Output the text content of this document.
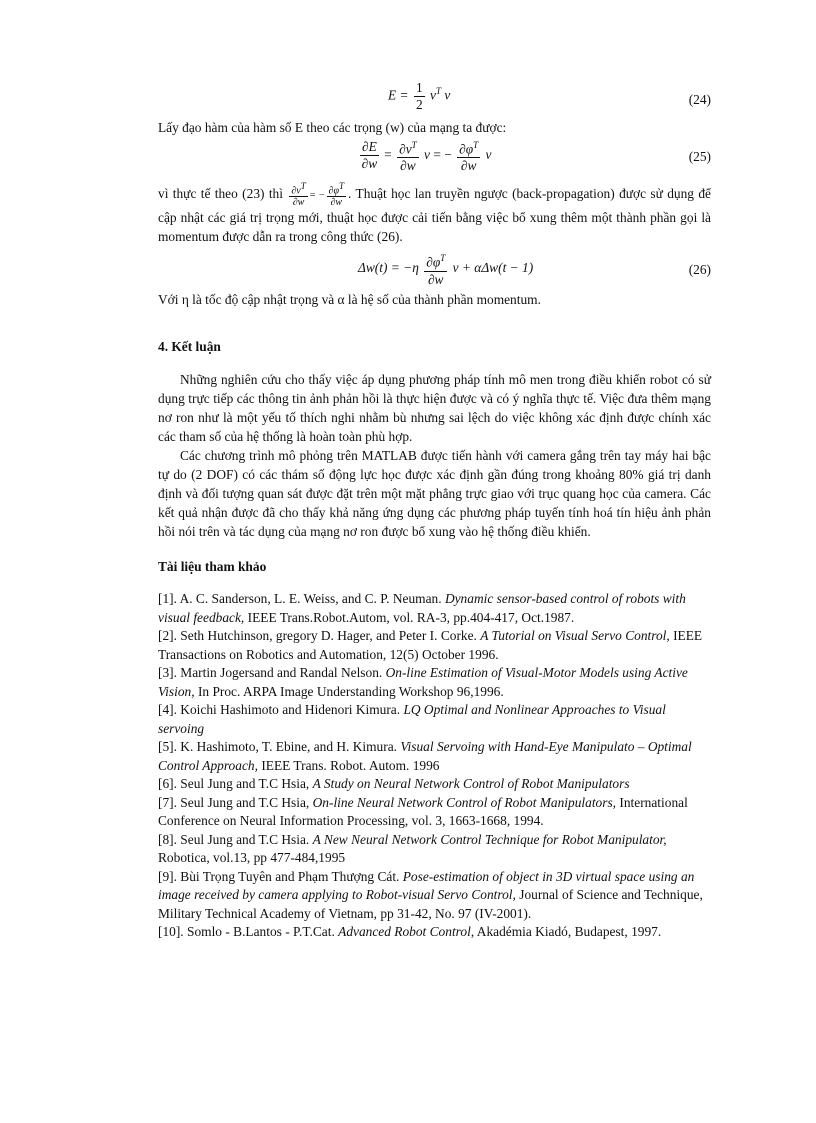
$E = \frac{1}{2} v^T$ v	(24)

Lấy đạo hàm của hàm số E theo các trọng (w) của mạng ta được:

$\frac{\partial E}{\partial w} = \frac{\partial v^T}{\partial w}$ v = − $\frac{\partial\varphi^T}{\partial w}$ v	(25)

vì thực tế theo (23) thì $\frac{\partial v^T}{\partial w}$ = − $\frac{\partial\varphi^T}{\partial w}$ . Thuật học lan truyền ngược (back-propagation) được sử dụng để cập nhật các giá trị trọng mới, thuật học được cải tiến bằng việc bổ xung thêm một thành phần gọi là momentum được dẫn ra trong công thức (26).

$\Delta w(t) = -\eta \frac{\partial\varphi^T}{\partial w}$ v + αΔw(t − 1)	(26)

Với η là tốc độ cập nhật trọng và α là hệ số của thành phần momentum.

4. Kết luận

Những nghiên cứu cho thấy việc áp dụng phương pháp tính mô men trong điều khiển robot có sử dụng trực tiếp các thông tin ảnh phản hồi là thực hiện được và có ý nghĩa thực tế. Việc đưa thêm mạng nơ ron như là một yếu tố thích nghi nhằm bù nhưng sai lệch do việc không xác định được chính xác các tham số của hệ thống là hoàn toàn phù hợp.

Các chương trình mô phỏng trên MATLAB được tiến hành với camera gắng trên tay máy hai bậc tự do (2 DOF) có các thám số động lực học được xác định gần đúng trong khoảng 80% giá trị danh định và đối tượng quan sát được đặt trên một mặt phẳng trực giao với trục quang học của camera. Các kết quả nhận được đã cho thấy khả năng ứng dụng các phương pháp tuyến tính hoá tín hiệu ảnh phản hồi nói trên và tác dụng của mạng nơ ron được bổ xung vào hệ thống điều khiển.

Tài liệu tham khảo
[1]. A. C. Sanderson, L. E. Weiss, and C. P. Neuman. Dynamic sensor-based control of robots with visual feedback, IEEE Trans.Robot.Autom, vol. RA-3, pp.404-417, Oct.1987.
[2]. Seth Hutchinson, gregory D. Hager, and Peter I. Corke. A Tutorial on Visual Servo Control, IEEE Transactions on Robotics and Automation, 12(5) October 1996.
[3]. Martin Jogersand and Randal Nelson. On-line Estimation of Visual-Motor Models using Active Vision, In Proc. ARPA Image Understanding Workshop 96,1996.
[4]. Koichi Hashimoto and Hidenori Kimura. LQ Optimal and Nonlinear Approaches to Visual servoing
[5]. K. Hashimoto, T. Ebine, and H. Kimura. Visual Servoing with Hand-Eye Manipulato – Optimal Control Approach, IEEE Trans. Robot. Autom. 1996
[6]. Seul Jung and T.C Hsia, A Study on Neural Network Control of Robot Manipulators
[7]. Seul Jung and T.C Hsia, On-line Neural Network Control of Robot Manipulators, International Conference on Neural Information Processing, vol. 3, 1663-1668, 1994.
[8]. Seul Jung and T.C Hsia. A New Neural Network Control Technique for Robot Manipulator, Robotica, vol.13, pp 477-484,1995
[9]. Bùi Trọng Tuyên and Phạm Thượng Cát. Pose-estimation of object in 3D virtual space using an image received by camera applying to Robot-visual Servo Control, Journal of Science and Technique, Military Technical Academy of Vietnam, pp 31-42, No. 97 (IV-2001).
[10]. Somlo - B.Lantos - P.T.Cat. Advanced Robot Control, Akadémia Kiadó, Budapest, 1997.
